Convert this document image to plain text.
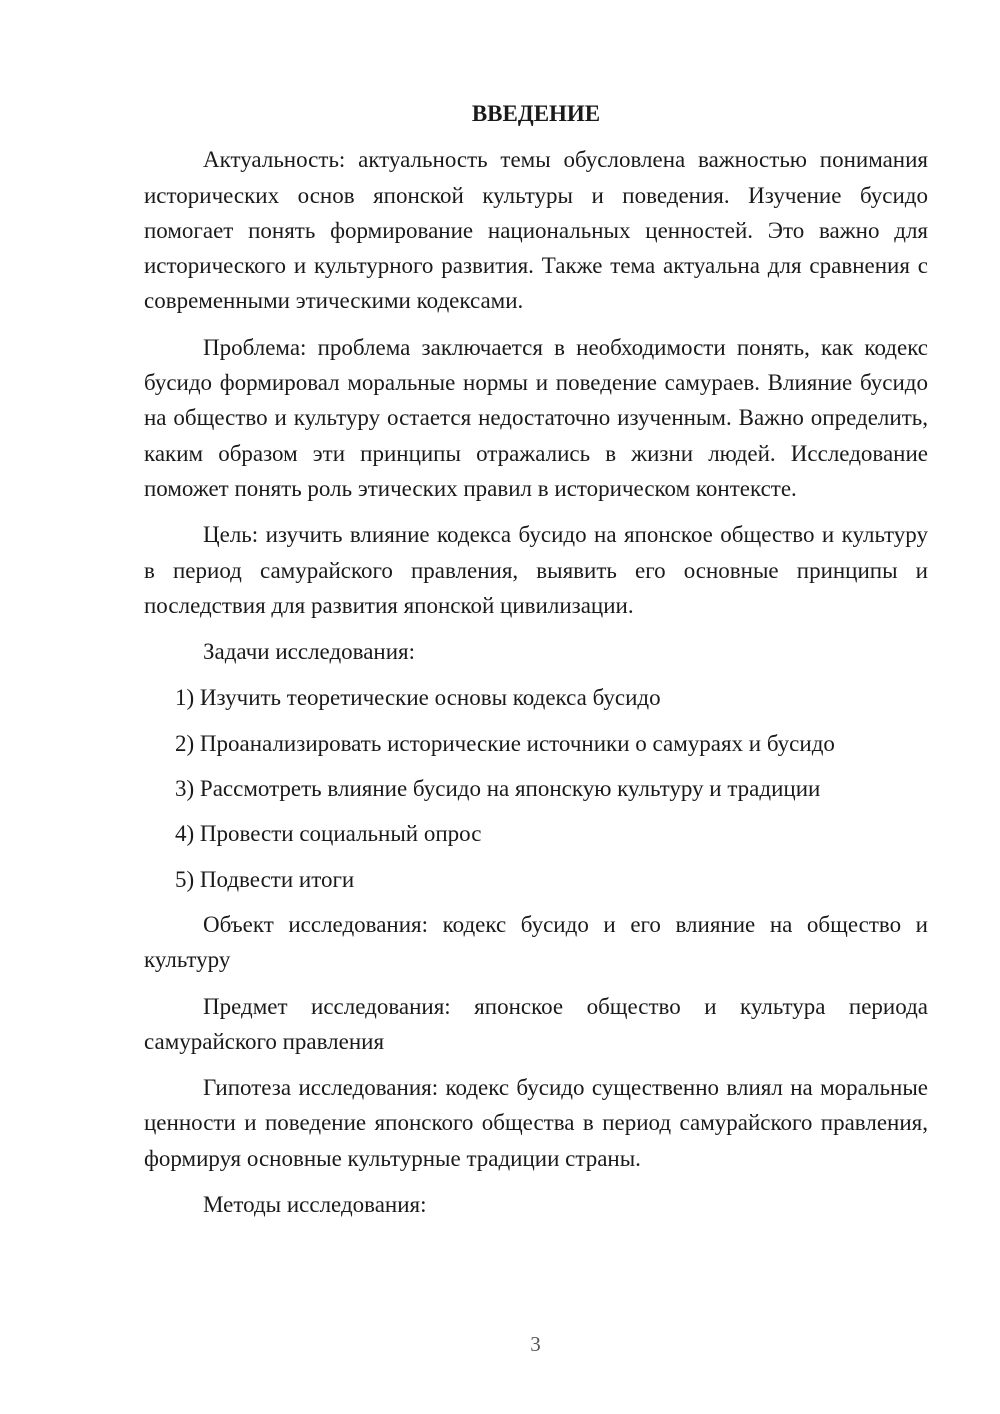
ВВЕДЕНИЕ

Актуальность: актуальность темы обусловлена важностью понимания исторических основ японской культуры и поведения. Изучение бусидо помогает понять формирование национальных ценностей. Это важно для исторического и культурного развития. Также тема актуальна для сравнения с современными этическими кодексами.

Проблема: проблема заключается в необходимости понять, как кодекс бусидо формировал моральные нормы и поведение самураев. Влияние бусидо на общество и культуру остается недостаточно изученным. Важно определить, каким образом эти принципы отражались в жизни людей. Исследование поможет понять роль этических правил в историческом контексте.

Цель: изучить влияние кодекса бусидо на японское общество и культуру в период самурайского правления, выявить его основные принципы и последствия для развития японской цивилизации.

Задачи исследования:

1) Изучить теоретические основы кодекса бусидо
2) Проанализировать исторические источники о самураях и бусидо
3) Рассмотреть влияние бусидо на японскую культуру и традиции
4) Провести социальный опрос
5) Подвести итоги

Объект исследования: кодекс бусидо и его влияние на общество и культуру

Предмет исследования: японское общество и культура периода самурайского правления

Гипотеза исследования: кодекс бусидо существенно влиял на моральные ценности и поведение японского общества в период самурайского правления, формируя основные культурные традиции страны.

Методы исследования:

3
